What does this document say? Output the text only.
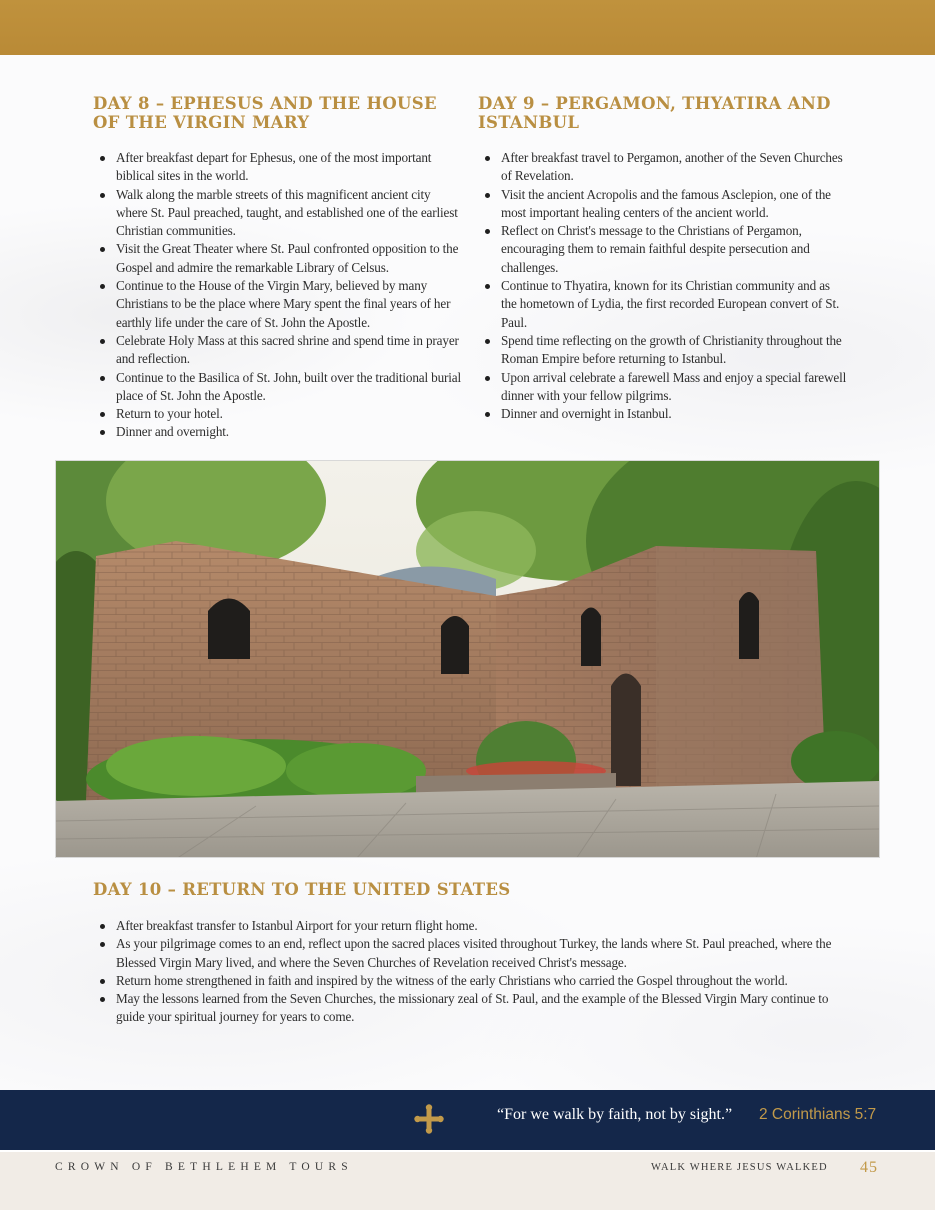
DAY 8 – EPHESUS AND THE HOUSE OF THE VIRGIN MARY
After breakfast depart for Ephesus, one of the most important biblical sites in the world.
Walk along the marble streets of this magnificent ancient city where St. Paul preached, taught, and established one of the earliest Christian communities.
Visit the Great Theater where St. Paul confronted opposition to the Gospel and admire the remarkable Library of Celsus.
Continue to the House of the Virgin Mary, believed by many Christians to be the place where Mary spent the final years of her earthly life under the care of St. John the Apostle.
Celebrate Holy Mass at this sacred shrine and spend time in prayer and reflection.
Continue to the Basilica of St. John, built over the traditional burial place of St. John the Apostle.
Return to your hotel.
Dinner and overnight.
DAY 9 – PERGAMON, THYATIRA AND ISTANBUL
After breakfast travel to Pergamon, another of the Seven Churches of Revelation.
Visit the ancient Acropolis and the famous Asclepion, one of the most important healing centers of the ancient world.
Reflect on Christ's message to the Christians of Pergamon, encouraging them to remain faithful despite persecution and challenges.
Continue to Thyatira, known for its Christian community and as the hometown of Lydia, the first recorded European convert of St. Paul.
Spend time reflecting on the growth of Christianity throughout the Roman Empire before returning to Istanbul.
Upon arrival celebrate a farewell Mass and enjoy a special farewell dinner with your fellow pilgrims.
Dinner and overnight in Istanbul.
DAY 10 – RETURN TO THE UNITED STATES
After breakfast transfer to Istanbul Airport for your return flight home.
As your pilgrimage comes to an end, reflect upon the sacred places visited throughout Turkey, the lands where St. Paul preached, where the Blessed Virgin Mary lived, and where the Seven Churches of Revelation received Christ's message.
Return home strengthened in faith and inspired by the witness of the early Christians who carried the Gospel throughout the world.
May the lessons learned from the Seven Churches, the missionary zeal of St. Paul, and the example of the Blessed Virgin Mary continue to guide your spiritual journey for years to come.
“For we walk by faith, not by sight.” 2 Corinthians 5:7
CROWN OF BETHLEHEM TOURS	WALK WHERE JESUS WALKED 45
